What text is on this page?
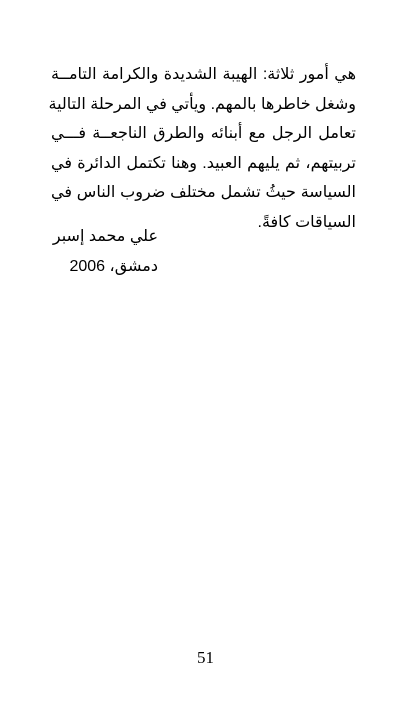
هي أمور ثلاثة: الهيبة الشديدة والكرامة التامــة
وشغل خاطرها بالمهم. ويأتي في المرحلة التالية
تعامل الرجل مع أبنائه والطرق الناجعــة فـــي
تربيتهم، ثم يليهم العبيد. وهنا تكتمل الدائرة في
السياسة حيثُ تشمل مختلف ضروب الناس في
السياقات كافةً.
علي محمد إسبر
دمشق، 2006
51
